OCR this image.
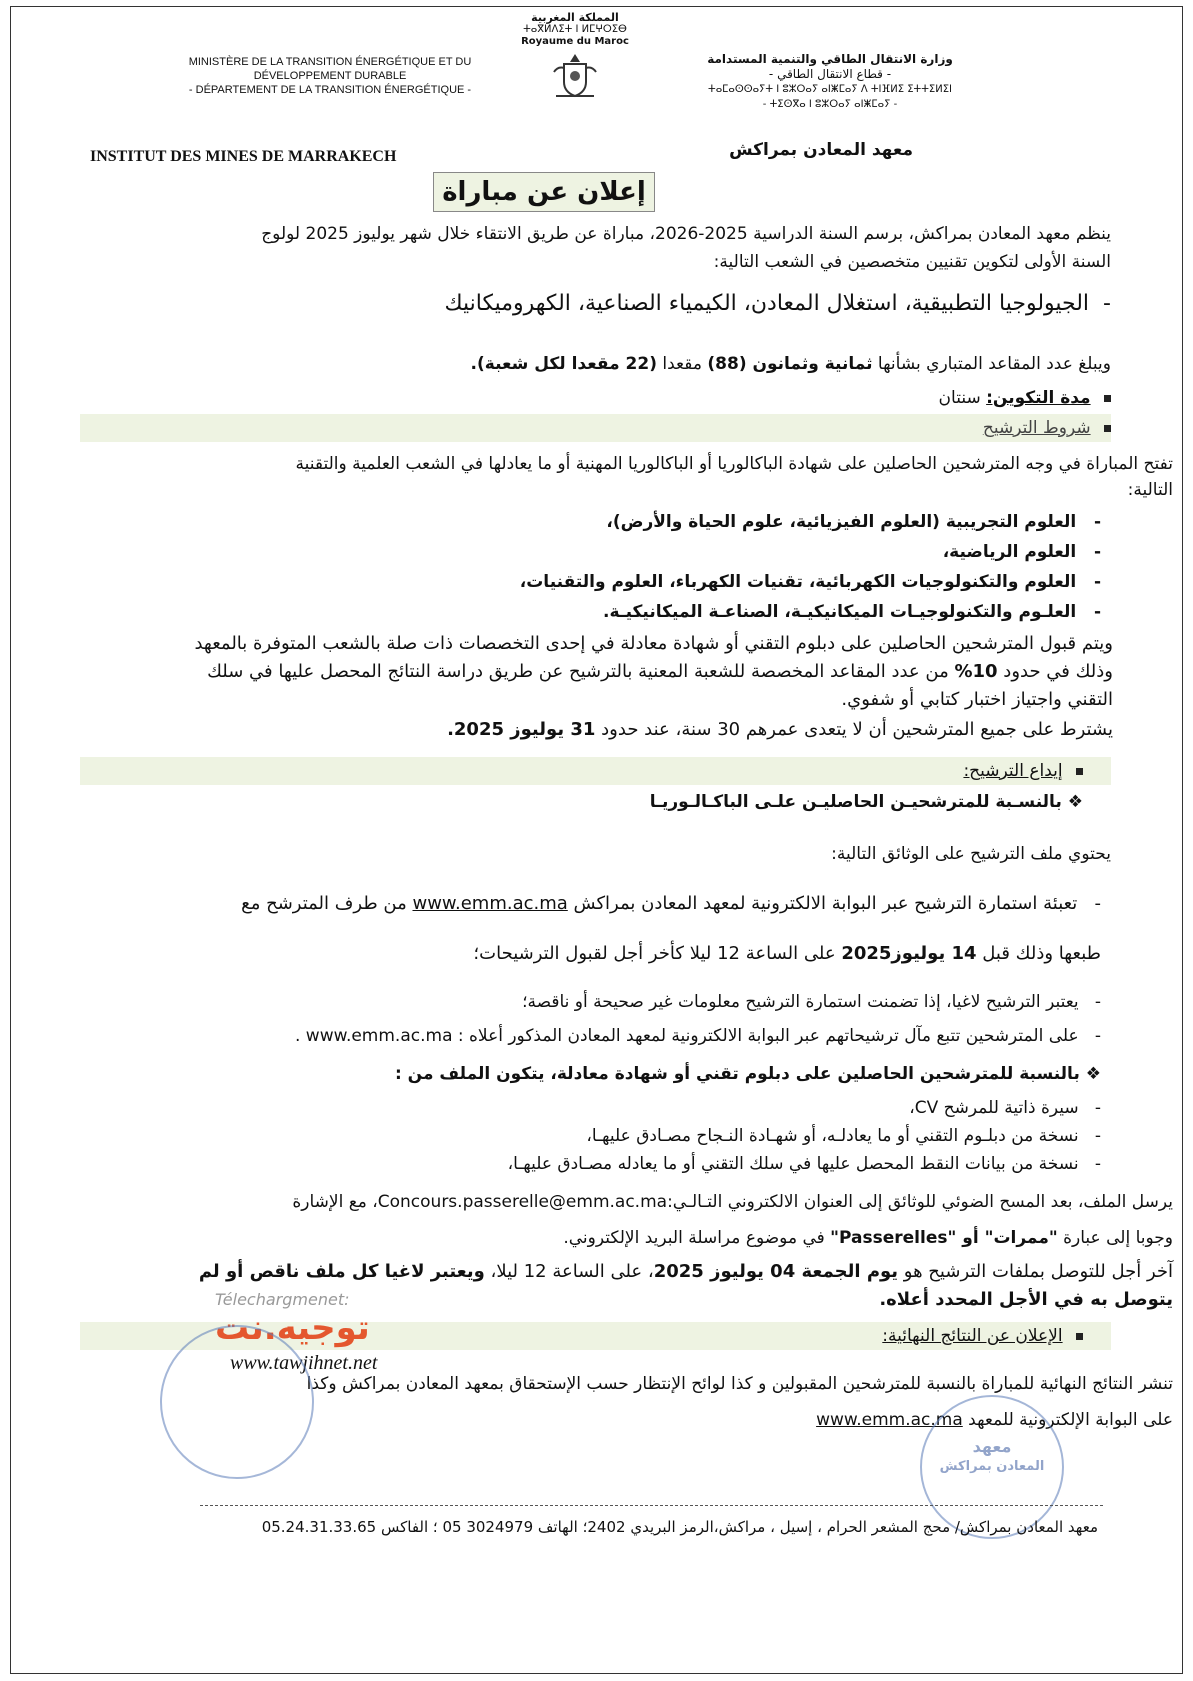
MINISTÈRE DE LA TRANSITION ÉNERGÉTIQUE ET DU
DÉVELOPPEMENT DURABLE
- DÉPARTEMENT DE LA TRANSITION ÉNERGÉTIQUE -
المملكة المغربية
ⵜⴰⴳⵍⴷⵉⵜ ⵏ ⵍⵎⵖⵔⵉⴱ
Royaume du Maroc
وزارة الانتقال الطاقي والتنمية المستدامة
- قطاع الانتقال الطاقي -
ⵜⴰⵎⴰⵙⵙⴰⵢⵜ ⵏ ⵓⵣⵔⴰⵢ ⴰⵏⵥⵎⴰⵢ ⴷ ⵜⵏⴼⵍⵉ ⵉⵜⵜⵉⵍⵉⵏ
- ⵜⵉⵙⴳⴰ ⵏ ⵓⵣⵔⴰⵢ ⴰⵏⵥⵎⴰⵢ -
INSTITUT DES MINES DE MARRAKECH	معهد المعادن بمراكش
إعلان عن مباراة
ينظم معهد المعادن بمراكش، برسم السنة الدراسية 2025-2026، مباراة عن طريق الانتقاء خلال شهر يوليوز 2025 لولوج
السنة الأولى لتكوين تقنيين متخصصين في الشعب التالية:
-  الجيولوجيا التطبيقية، استغلال المعادن، الكيمياء الصناعية، الكهروميكانيك
ويبلغ عدد المقاعد المتباري بشأنها ثمانية وثمانون (88) مقعدا (22 مقعدا لكل شعبة).
مدة التكوين: سنتان
شروط الترشيح
تفتح المباراة في وجه المترشحين الحاصلين على شهادة الباكالوريا أو الباكالوريا المهنية أو ما يعادلها في الشعب العلمية والتقنية
التالية:
-   العلوم التجريبية (العلوم الفيزيائية، علوم الحياة والأرض)،
-   العلوم الرياضية،
-   العلوم والتكنولوجيات الكهربائية، تقنيات الكهرباء، العلوم والتقنيات،
-   العلـوم والتكنولوجيـات الميكانيكيـة، الصناعـة الميكانيكيـة.
ويتم قبول المترشحين الحاصلين على دبلوم التقني أو شهادة معادلة في إحدى التخصصات ذات صلة بالشعب المتوفرة بالمعهد
وذلك في حدود 10% من عدد المقاعد المخصصة للشعبة المعنية بالترشيح عن طريق دراسة النتائج المحصل عليها في سلك
التقني واجتياز اختبار كتابي أو شفوي.
يشترط على جميع المترشحين أن لا يتعدى عمرهم 30 سنة، عند حدود 31 يوليوز 2025.
إيداع الترشيح:
❖ بالنسـبة للمترشحيـن الحاصليـن علـى الباكـالـوريـا
يحتوي ملف الترشيح على الوثائق التالية:
-   تعبئة استمارة الترشيح عبر البوابة الالكترونية لمعهد المعادن بمراكش www.emm.ac.ma من طرف المترشح مع
طبعها وذلك قبل 14 يوليوز2025 على الساعة 12 ليلا كأخر أجل لقبول الترشيحات؛
-   يعتبر الترشيح لاغيا، إذا تضمنت استمارة الترشيح معلومات غير صحيحة أو ناقصة؛
-   على المترشحين تتبع مآل ترشيحاتهم عبر البوابة الالكترونية لمعهد المعادن المذكور أعلاه : www.emm.ac.ma .
❖ بالنسبة للمترشحين الحاصلين على دبلوم تقني أو شهادة معادلة، يتكون الملف من :
-   سيرة ذاتية للمرشح CV،
-   نسخة من دبلـوم التقني أو ما يعادلـه، أو شهـادة النـجاح مصـادق عليهـا،
-   نسخة من بيانات النقط المحصل عليها في سلك التقني أو ما يعادله مصـادق عليهـا،
يرسل الملف، بعد المسح الضوئي للوثائق إلى العنوان الالكتروني التـالـي:Concours.passerelle@emm.ac.ma، مع الإشارة
وجوبا إلى عبارة "ممرات" أو "Passerelles" في موضوع مراسلة البريد الإلكتروني.
آخر أجل للتوصل بملفات الترشيح هو يوم الجمعة 04 يوليوز 2025، على الساعة 12 ليلا، ويعتبر لاغيا كل ملف ناقص أو لم
يتوصل به في الأجل المحدد أعلاه.
الإعلان عن النتائج النهائية:
تنشر النتائج النهائية للمباراة بالنسبة للمترشحين المقبولين و كذا لوائح الإنتظار حسب الإستحقاق بمعهد المعادن بمراكش وكذا
على البوابة الإلكترونية للمعهد www.emm.ac.ma
Télechargmenet:
توجيه.نت
www.tawjihnet.net
معهد
المعادن بمراكش
معهد المعادن بمراكش/ محج المشعر الحرام ، إسيل ، مراكش،الرمز البريدي 2402؛ الهاتف 3024979 05 ؛ الفاكس 05.24.31.33.65
